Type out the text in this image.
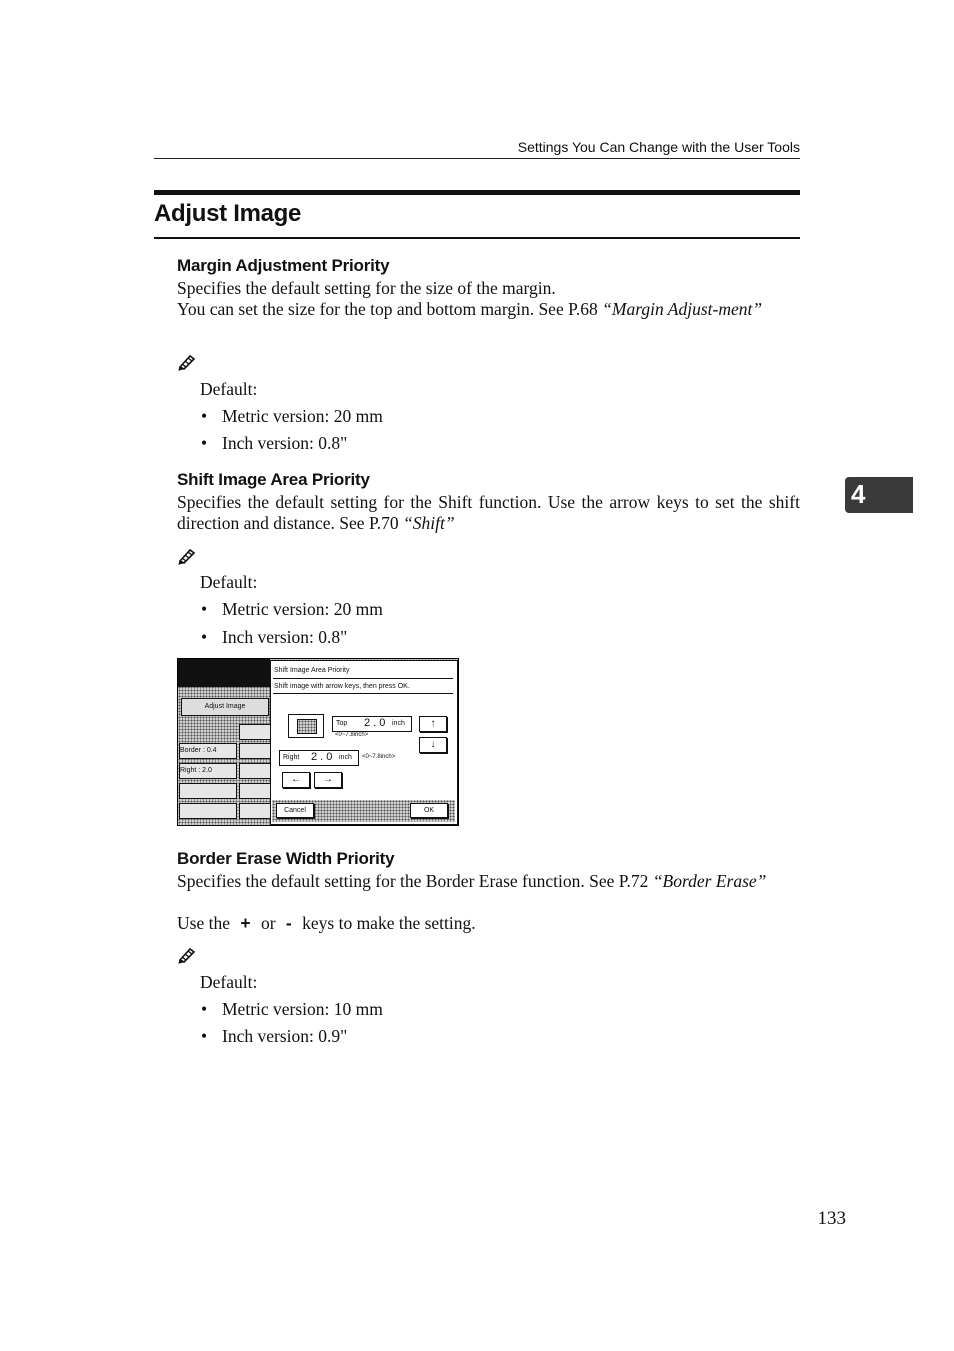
Settings You Can Change with the User Tools
Adjust Image
Margin Adjustment Priority
Specifies the default setting for the size of the margin.
You can set the size for the top and bottom margin. See P.68 “Margin Adjust-ment”
Default:
• Metric version: 20 mm
• Inch version: 0.8"
Shift Image Area Priority
Specifies the default setting for the Shift function. Use the arrow keys to set the shift direction and distance. See P.70 “Shift”
Default:
• Metric version: 20 mm
• Inch version: 0.8"
Adjust Image
Border : 0.4
Right : 2.0
Shift Image Area Priority
Shift image with arrow keys, then press OK.
Top 2 . 0 inch
<0~7.8inch>
↑
↓
Right 2 . 0 inch <0~7.8inch>
←	→
Cancel	OK
Border Erase Width Priority
Specifies the default setting for the Border Erase function. See P.72 “Border Erase”
Use the + or - keys to make the setting.
Default:
• Metric version: 10 mm
• Inch version: 0.9"
4
133
